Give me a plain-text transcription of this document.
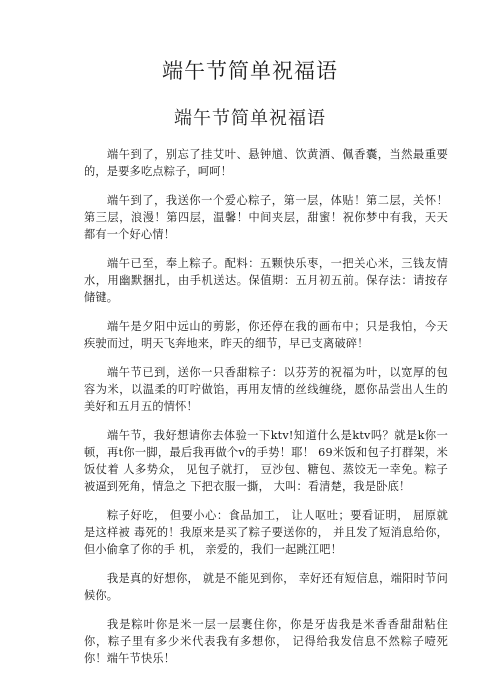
端午节简单祝福语
端午节简单祝福语

端午到了，别忘了挂艾叶、悬钟馗、饮黄酒、佩香囊，当然最重要的，是要多吃点粽子，呵呵！

端午到了，我送你一个爱心粽子，第一层，体贴！第二层，关怀！第三层，浪漫！第四层，温馨！中间夹层，甜蜜！祝你梦中有我，天天都有一个好心情！

端午已至，奉上粽子。配料：五颗快乐枣，一把关心米，三钱友情水，用幽默捆扎，由手机送达。保值期：五月初五前。保存法：请按存储键。

端午是夕阳中远山的剪影，你还停在我的画布中；只是我怕，今天疾驶而过，明天飞奔地来，昨天的细节，早已支离破碎！

端午节已到，送你一只香甜粽子：以芬芳的祝福为叶，以宽厚的包容为米，以温柔的叮咛做馅，再用友情的丝线缠绕，愿你品尝出人生的美好和五月五的情怀！

端午节，我好想请你去体验一下ktv!知道什么是ktv吗？就是k你一顿，再t你一脚，最后我再做个v的手势！耶！ 69米饭和包子打群架，米饭仗着 人多势众， 见包子就打， 豆沙包、糖包、蒸饺无一幸免。粽子被逼到死角，情急之 下把衣服一撕， 大叫：看清楚，我是卧底！

粽子好吃， 但要小心：食品加工， 让人呕吐；要看证明， 屈原就是这样被 毒死的！我原来是买了粽子要送你的， 并且发了短消息给你， 但小偷拿了你的手 机， 亲爱的，我们一起跳江吧！

我是真的好想你， 就是不能见到你， 幸好还有短信息，端阳时节问候你。

我是粽叶你是米一层一层裹住你，你是牙齿我是米香香甜甜粘住你，粽子里有多少米代表我有多想你， 记得给我发信息不然粽子噎死你！端午节快乐！
